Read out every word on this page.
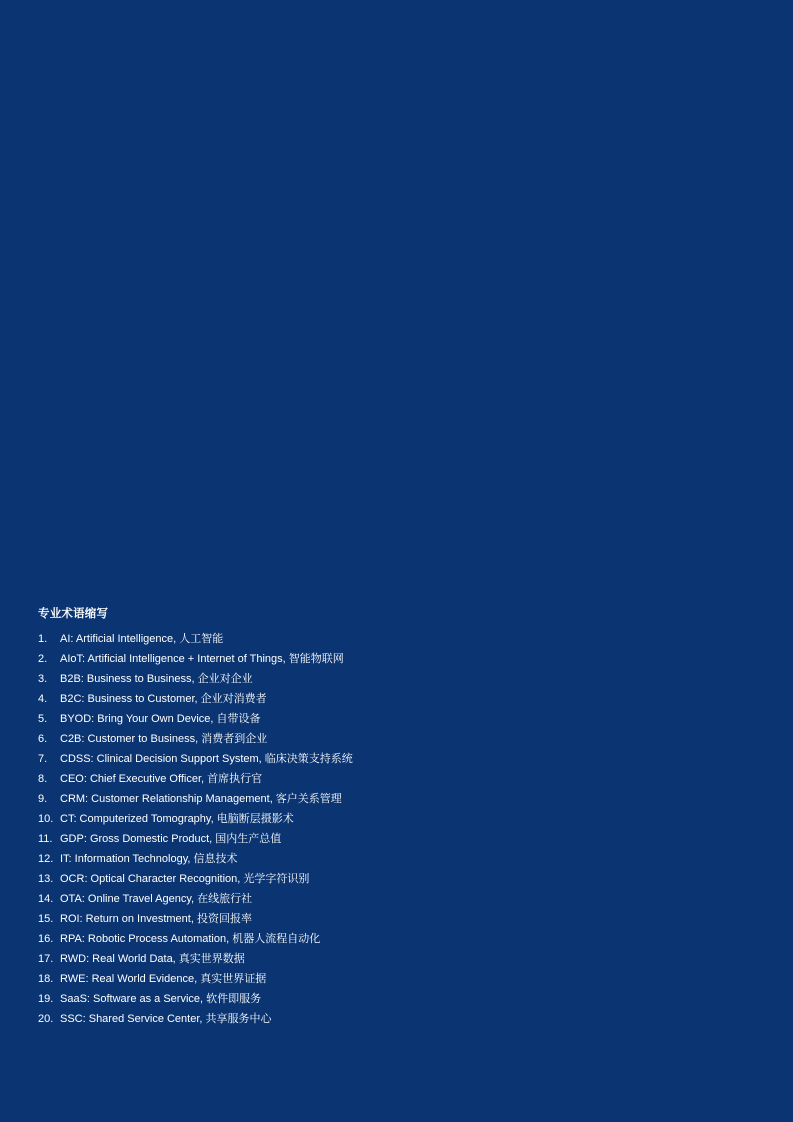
专业术语缩写
1.	AI: Artificial Intelligence, 人工智能
2.	AIoT: Artificial Intelligence + Internet of Things, 智能物联网
3.	B2B: Business to Business, 企业对企业
4.	B2C: Business to Customer, 企业对消费者
5.	BYOD: Bring Your Own Device, 自带设备
6.	C2B: Customer to Business, 消费者到企业
7.	CDSS: Clinical Decision Support System, 临床决策支持系统
8.	CEO: Chief Executive Officer, 首席执行官
9.	CRM: Customer Relationship Management, 客户关系管理
10. CT: Computerized Tomography, 电脑断层摄影术
11. GDP: Gross Domestic Product, 国内生产总值
12. IT: Information Technology, 信息技术
13. OCR: Optical Character Recognition, 光学字符识别
14. OTA: Online Travel Agency, 在线旅行社
15. ROI: Return on Investment, 投资回报率
16. RPA: Robotic Process Automation, 机器人流程自动化
17. RWD: Real World Data, 真实世界数据
18. RWE: Real World Evidence, 真实世界证据
19. SaaS: Software as a Service, 软件即服务
20. SSC: Shared Service Center, 共享服务中心
